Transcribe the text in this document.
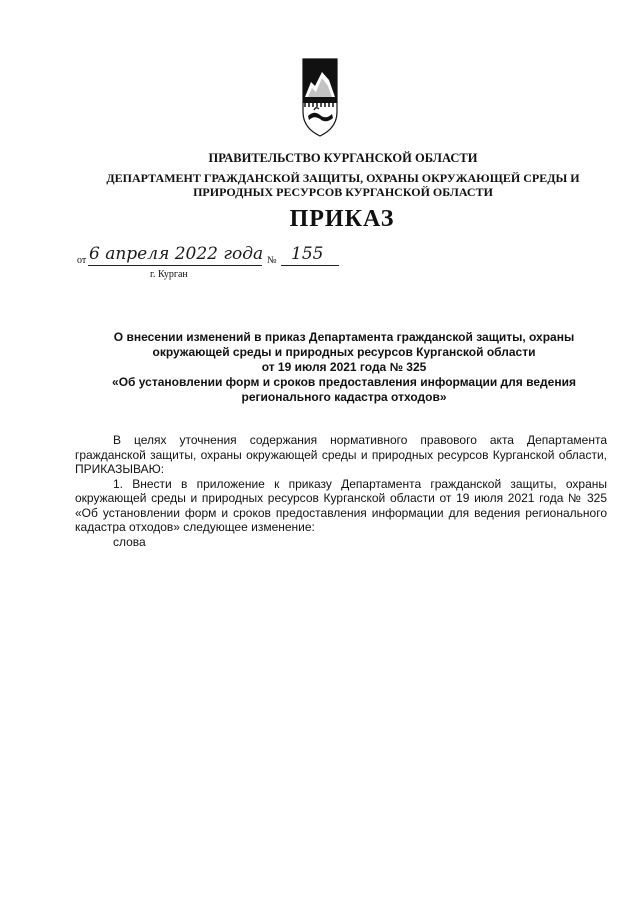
ПРАВИТЕЛЬСТВО КУРГАНСКОЙ ОБЛАСТИ
ДЕПАРТАМЕНТ ГРАЖДАНСКОЙ ЗАЩИТЫ, ОХРАНЫ ОКРУЖАЮЩЕЙ СРЕДЫ И
ПРИРОДНЫХ РЕСУРСОВ КУРГАНСКОЙ ОБЛАСТИ
ПРИКАЗ
от 6 апреля 2022 года № 155
г. Курган
О внесении изменений в приказ Департамента гражданской защиты, охраны
окружающей среды и природных ресурсов Курганской области
от 19 июля 2021 года № 325
«Об установлении форм и сроков предоставления информации для ведения
регионального кадастра отходов»

В целях уточнения содержания нормативного правового акта Департамента гражданской защиты, охраны окружающей среды и природных ресурсов Курганской области, ПРИКАЗЫВАЮ:

1. Внести в приложение к приказу Департамента гражданской защиты, охраны окружающей среды и природных ресурсов Курганской области от 19 июля 2021 года № 325 «Об установлении форм и сроков предоставления информации для ведения регионального кадастра отходов» следующее изменение:

слова
